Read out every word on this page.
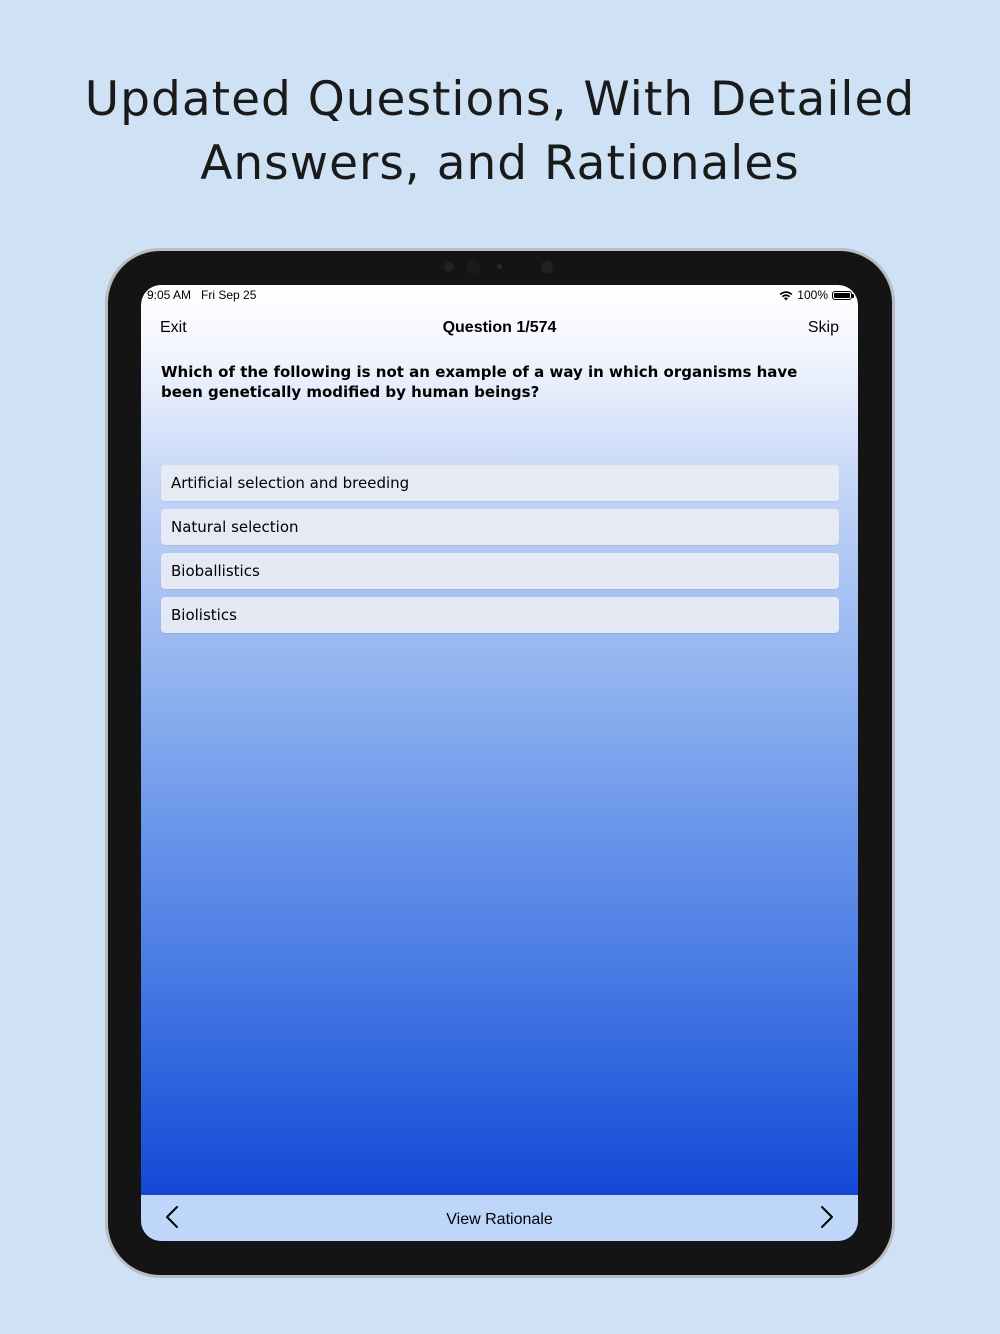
Updated Questions, With Detailed
Answers, and Rationales
9:05 AM Fri Sep 25	100%
Exit	Question 1/574	Skip
Which of the following is not an example of a way in which organisms have been genetically modified by human beings?
Artificial selection and breeding
Natural selection
Bioballistics
Biolistics
View Rationale
